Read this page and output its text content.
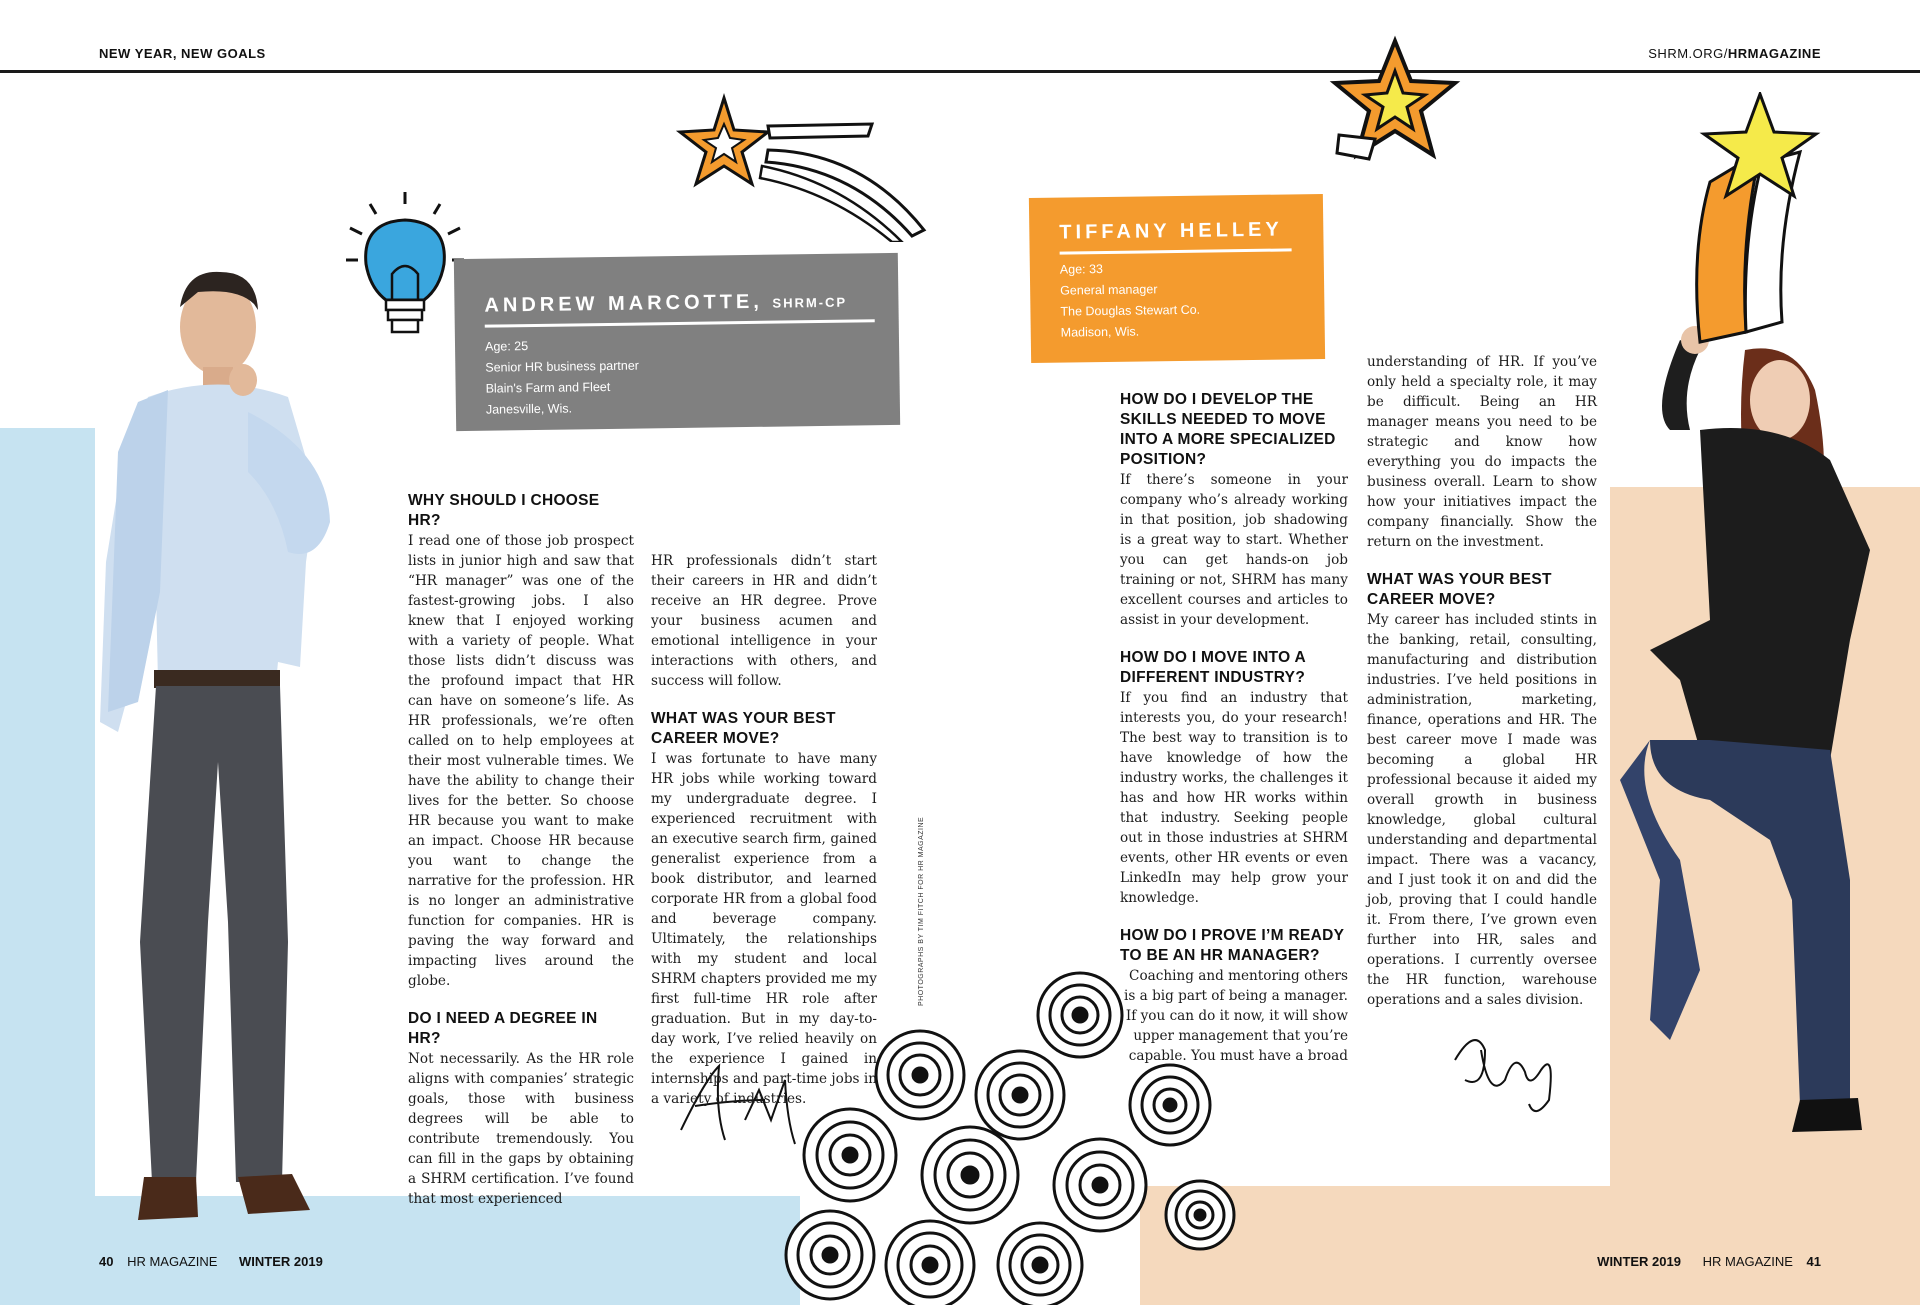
NEW YEAR, NEW GOALS	SHRM.ORG/HRMAGAZINE
ANDREW MARCOTTE, SHRM-CP
Age: 25
Senior HR business partner
Blain's Farm and Fleet
Janesville, Wis.
TIFFANY HELLEY
Age: 33
General manager
The Douglas Stewart Co.
Madison, Wis.
WHY SHOULD I CHOOSE HR?
I read one of those job prospect lists in junior high and saw that “HR manager” was one of the fastest-growing jobs. I also knew that I enjoyed working with a variety of people. What those lists didn’t discuss was the profound impact that HR can have on someone’s life. As HR professionals, we’re often called on to help employees at their most vulnerable times. We have the ability to change their lives for the better. So choose HR because you want to make an impact. Choose HR because you want to change the narrative for the profession. HR is no longer an administrative function for companies. HR is paving the way forward and impacting lives around the globe.
DO I NEED A DEGREE IN HR?
Not necessarily. As the HR role aligns with companies’ strategic goals, those with business degrees will be able to contribute tremendously. You can fill in the gaps by obtaining a SHRM certification. I’ve found that most experienced
HR professionals didn’t start their careers in HR and didn’t receive an HR degree. Prove your business acumen and emotional intelligence in your interactions with others, and success will follow.
WHAT WAS YOUR BEST CAREER MOVE?
I was fortunate to have many HR jobs while working toward my undergraduate degree. I experienced recruitment with an executive search firm, gained generalist experience from a book distributor, and learned corporate HR from a global food and beverage company. Ultimately, the relationships with my student and local SHRM chapters provided me my first full-time HR role after graduation. But in my day-to-day work, I’ve relied heavily on the experience I gained in internships and part-time jobs in a variety of industries.
PHOTOGRAPHS BY TIM FITCH FOR HR MAGAZINE
HOW DO I DEVELOP THE SKILLS NEEDED TO MOVE INTO A MORE SPECIALIZED POSITION?
If there’s someone in your company who’s already working in that position, job shadowing is a great way to start. Whether you can get hands-on job training or not, SHRM has many excellent courses and articles to assist in your development.
HOW DO I MOVE INTO A DIFFERENT INDUSTRY?
If you find an industry that interests you, do your research! The best way to transition is to have knowledge of how the industry works, the challenges it has and how HR works within that industry. Seeking people out in those industries at SHRM events, other HR events or even LinkedIn may help grow your knowledge.
HOW DO I PROVE I’M READY TO BE AN HR MANAGER?
Coaching and mentoring others is a big part of being a manager. If you can do it now, it will show upper management that you’re capable. You must have a broad
understanding of HR. If you’ve only held a specialty role, it may be difficult. Being an HR manager means you need to be strategic and know how everything you do impacts the business overall. Learn to show how your initiatives impact the company financially. Show the return on the investment.
WHAT WAS YOUR BEST CAREER MOVE?
My career has included stints in the banking, retail, consulting, manufacturing and distribution industries. I’ve held positions in administration, marketing, finance, operations and HR. The best career move I made was becoming a global HR professional because it aided my overall growth in business knowledge, global cultural understanding and departmental impact. There was a vacancy, and I just took it on and did the job, proving that I could handle it. From there, I’ve grown even further into HR, sales and operations. I currently oversee the HR function, warehouse operations and a sales division.
40 HR MAGAZINE WINTER 2019	WINTER 2019 HR MAGAZINE 41
